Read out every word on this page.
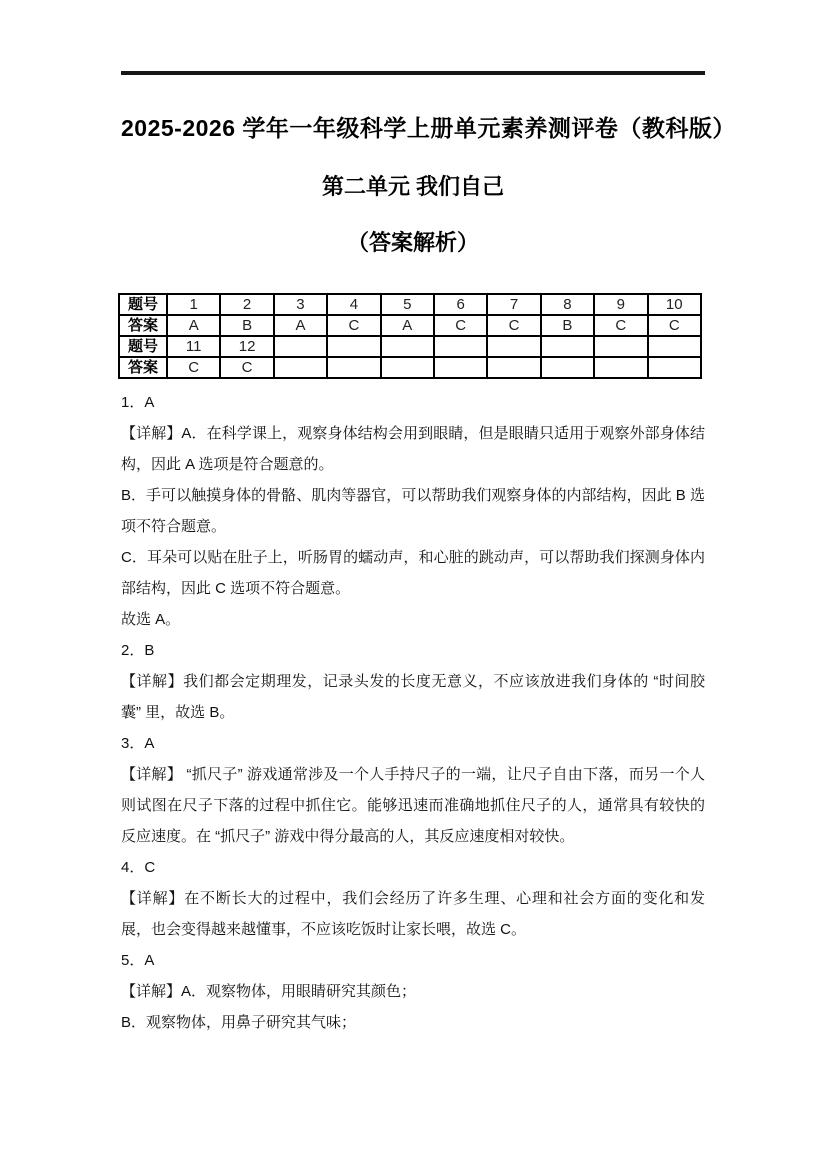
2025-2026 学年一年级科学上册单元素养测评卷（教科版）
第二单元 我们自己
（答案解析）
题号	1	2	3	4	5	6	7	8	9	10
答案	A	B	A	C	A	C	C	B	C	C
题号	11	12								
答案	C	C								

1．A

【详解】A．在科学课上，观察身体结构会用到眼睛，但是眼睛只适用于观察外部身体结构，因此 A 选项是符合题意的。

B．手可以触摸身体的骨骼、肌肉等器官，可以帮助我们观察身体的内部结构，因此 B 选项不符合题意。

C．耳朵可以贴在肚子上，听肠胃的蠕动声，和心脏的跳动声，可以帮助我们探测身体内部结构，因此 C 选项不符合题意。

故选 A。

2．B

【详解】我们都会定期理发，记录头发的长度无意义，不应该放进我们身体的 “时间胶囊” 里，故选 B。

3．A

【详解】 “抓尺子” 游戏通常涉及一个人手持尺子的一端，让尺子自由下落，而另一个人则试图在尺子下落的过程中抓住它。能够迅速而准确地抓住尺子的人，通常具有较快的反应速度。在 “抓尺子” 游戏中得分最高的人，其反应速度相对较快。

4．C

【详解】在不断长大的过程中，我们会经历了许多生理、心理和社会方面的变化和发展，也会变得越来越懂事，不应该吃饭时让家长喂，故选 C。

5．A

【详解】A．观察物体，用眼睛研究其颜色；

B．观察物体，用鼻子研究其气味；
